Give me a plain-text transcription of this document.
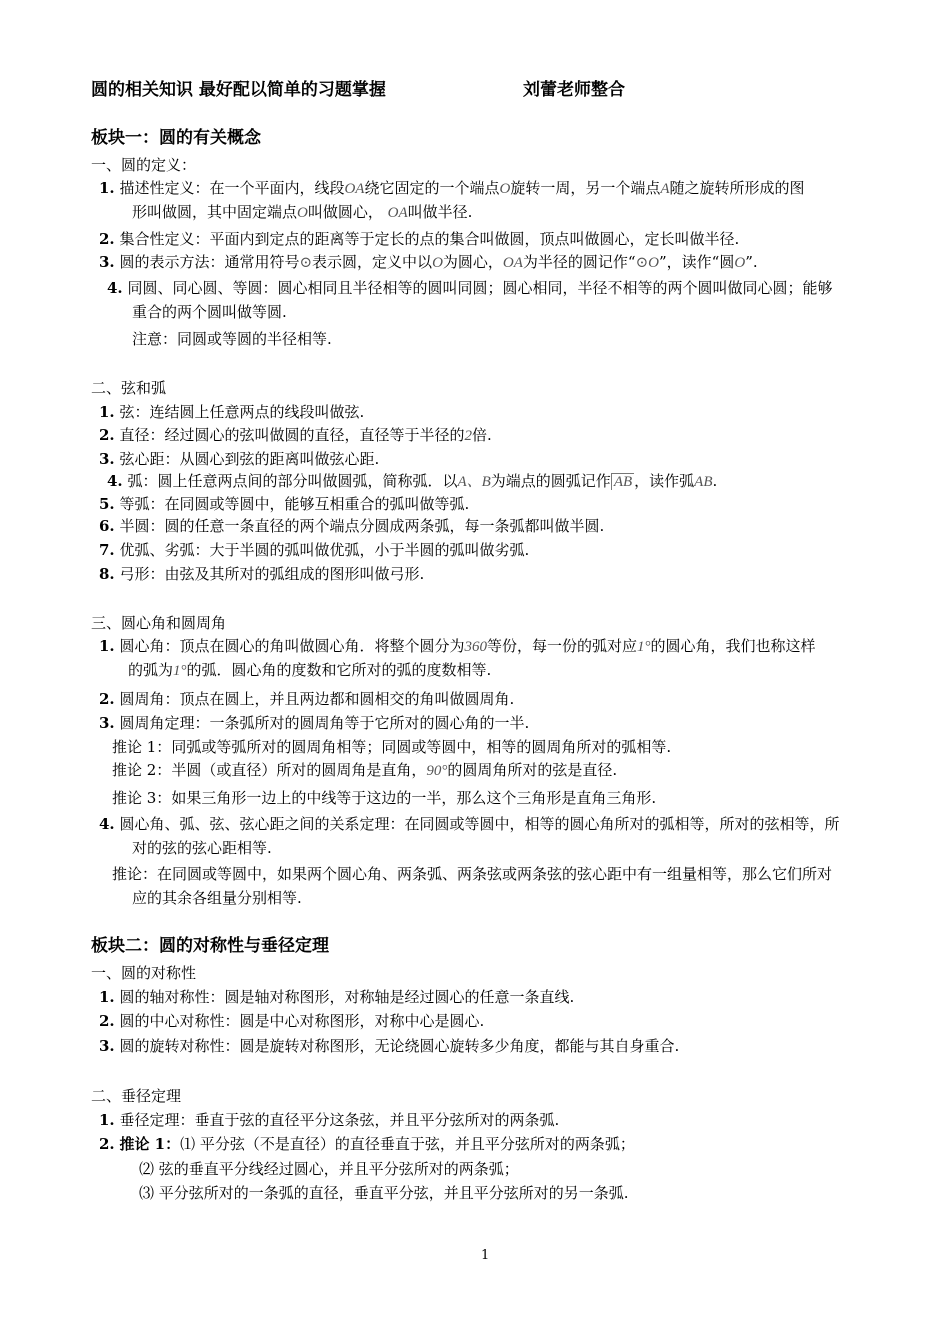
圆的相关知识 最好配以简单的习题掌握	刘蕾老师整合
板块一：圆的有关概念
一、圆的定义：
1. 描述性定义：在一个平面内，线段OA绕它固定的一个端点O旋转一周，另一个端点A随之旋转所形成的图
形叫做圆，其中固定端点O叫做圆心， OA叫做半径.
2. 集合性定义：平面内到定点的距离等于定长的点的集合叫做圆，顶点叫做圆心，定长叫做半径.
3. 圆的表示方法：通常用符号⊙表示圆，定义中以O为圆心，OA为半径的圆记作“⊙O”，读作“圆O”.
4. 同圆、同心圆、等圆：圆心相同且半径相等的圆叫同圆；圆心相同，半径不相等的两个圆叫做同心圆；能够
重合的两个圆叫做等圆.
注意：同圆或等圆的半径相等.
二、弦和弧
1. 弦：连结圆上任意两点的线段叫做弦.
2. 直径：经过圆心的弦叫做圆的直径，直径等于半径的2倍.
3. 弦心距：从圆心到弦的距离叫做弦心距.
4. 弧：圆上任意两点间的部分叫做圆弧，简称弧．以A、B为端点的圆弧记作 AB ，读作弧AB.
5. 等弧：在同圆或等圆中，能够互相重合的弧叫做等弧.
6. 半圆：圆的任意一条直径的两个端点分圆成两条弧，每一条弧都叫做半圆.
7. 优弧、劣弧：大于半圆的弧叫做优弧，小于半圆的弧叫做劣弧.
8. 弓形：由弦及其所对的弧组成的图形叫做弓形.
三、圆心角和圆周角
1. 圆心角：顶点在圆心的角叫做圆心角．将整个圆分为360等份，每一份的弧对应1°的圆心角，我们也称这样
的弧为1°的弧．圆心角的度数和它所对的弧的度数相等.
2. 圆周角：顶点在圆上，并且两边都和圆相交的角叫做圆周角.
3. 圆周角定理：一条弧所对的圆周角等于它所对的圆心角的一半.
推论 1：同弧或等弧所对的圆周角相等；同圆或等圆中，相等的圆周角所对的弧相等.
推论 2：半圆（或直径）所对的圆周角是直角，90°的圆周角所对的弦是直径.
推论 3：如果三角形一边上的中线等于这边的一半，那么这个三角形是直角三角形.
4. 圆心角、弧、弦、弦心距之间的关系定理：在同圆或等圆中，相等的圆心角所对的弧相等，所对的弦相等，所
对的弦的弦心距相等.
推论：在同圆或等圆中，如果两个圆心角、两条弧、两条弦或两条弦的弦心距中有一组量相等，那么它们所对
应的其余各组量分别相等.
板块二：圆的对称性与垂径定理
一、圆的对称性
1. 圆的轴对称性：圆是轴对称图形，对称轴是经过圆心的任意一条直线.
2. 圆的中心对称性：圆是中心对称图形，对称中心是圆心.
3. 圆的旋转对称性：圆是旋转对称图形，无论绕圆心旋转多少角度，都能与其自身重合.
二、垂径定理
1. 垂径定理：垂直于弦的直径平分这条弦，并且平分弦所对的两条弧.
2. 推论 1：⑴ 平分弦（不是直径）的直径垂直于弦，并且平分弦所对的两条弧；
⑵ 弦的垂直平分线经过圆心，并且平分弦所对的两条弧；
⑶ 平分弦所对的一条弧的直径，垂直平分弦，并且平分弦所对的另一条弧.
1
